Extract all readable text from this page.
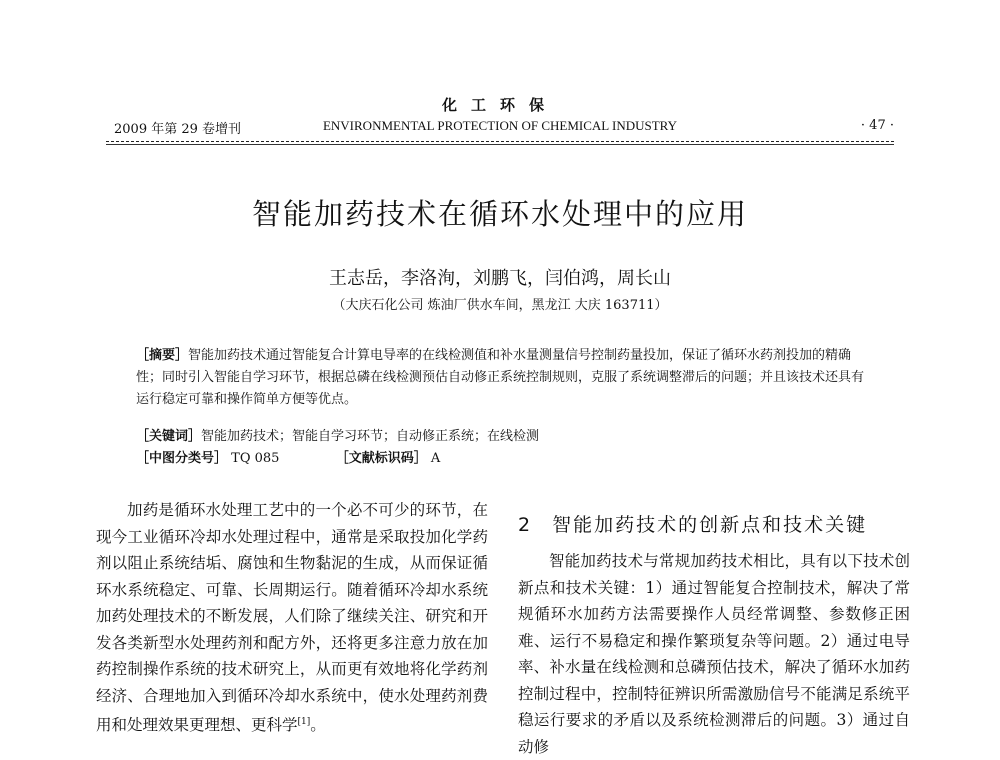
化工环保
2009 年第 29 卷增刊	ENVIRONMENTAL PROTECTION OF CHEMICAL INDUSTRY	· 47 ·
智能加药技术在循环水处理中的应用
王志岳，李洛洵，刘鹏飞，闫伯鸿，周长山
（大庆石化公司 炼油厂供水车间，黑龙江 大庆 163711）
［摘要］智能加药技术通过智能复合计算电导率的在线检测值和补水量测量信号控制药量投加，保证了循环水药剂投加的精确性；同时引入智能自学习环节，根据总磷在线检测预估自动修正系统控制规则，克服了系统调整滞后的问题；并且该技术还具有运行稳定可靠和操作简单方便等优点。
［关键词］智能加药技术；智能自学习环节；自动修正系统；在线检测
［中图分类号］ TQ 085	［文献标识码］ A

加药是循环水处理工艺中的一个必不可少的环节，在现今工业循环冷却水处理过程中，通常是采取投加化学药剂以阻止系统结垢、腐蚀和生物黏泥的生成，从而保证循环水系统稳定、可靠、长周期运行。随着循环冷却水系统加药处理技术的不断发展，人们除了继续关注、研究和开发各类新型水处理药剂和配方外，还将更多注意力放在加药控制操作系统的技术研究上，从而更有效地将化学药剂经济、合理地加入到循环冷却水系统中，使水处理药剂费用和处理效果更理想、更科学[1]。

2 智能加药技术的创新点和技术关键

智能加药技术与常规加药技术相比，具有以下技术创新点和技术关键：1）通过智能复合控制技术，解决了常规循环水加药方法需要操作人员经常调整、参数修正困难、运行不易稳定和操作繁琐复杂等问题。2）通过电导率、补水量在线检测和总磷预估技术，解决了循环水加药控制过程中，控制特征辨识所需激励信号不能满足系统平稳运行要求的矛盾以及系统检测滞后的问题。3）通过自动修
